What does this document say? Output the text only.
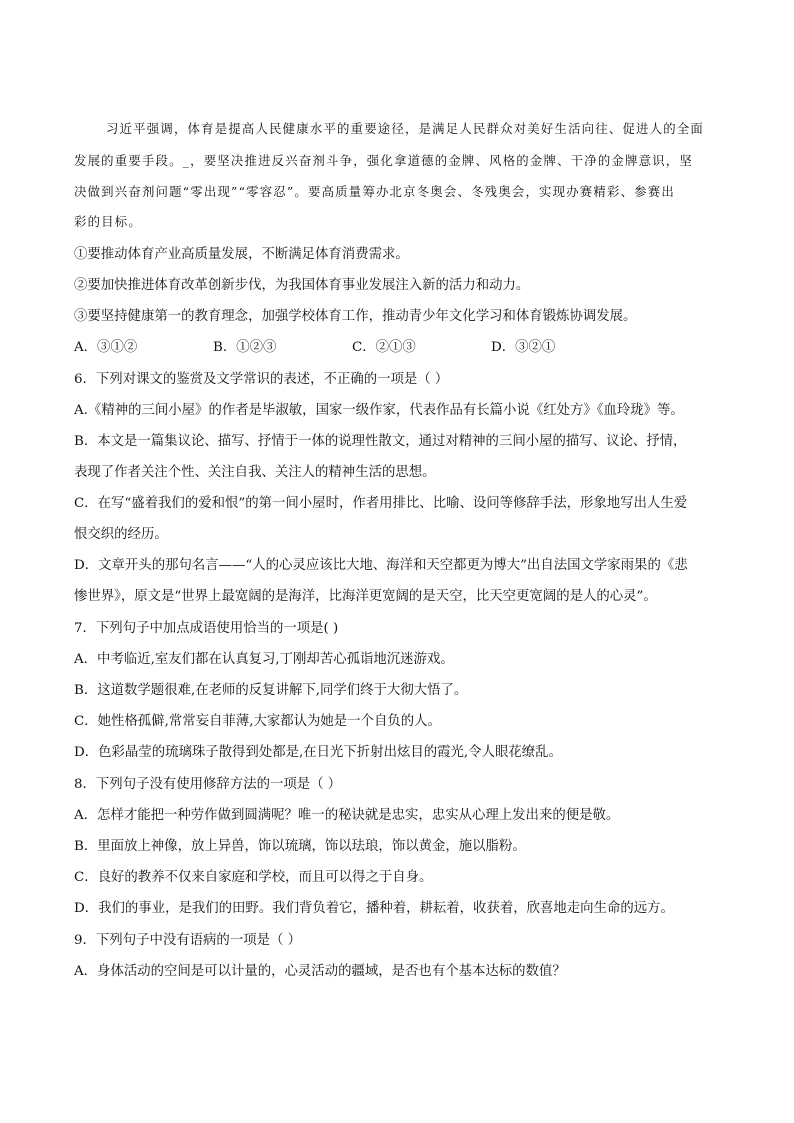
习近平强调，体育是提高人民健康水平的重要途径，是满足人民群众对美好生活向往、促进人的全面
发展的重要手段。_，要坚决推进反兴奋剂斗争，强化拿道德的金牌、风格的金牌、干净的金牌意识，坚
决做到兴奋剂问题“零出现”“零容忍”。要高质量筹办北京冬奥会、冬残奥会，实现办赛精彩、参赛出
彩的目标。
①要推动体育产业高质量发展，不断满足体育消费需求。
②要加快推进体育改革创新步伐，为我国体育事业发展注入新的活力和动力。
③要坚持健康第一的教育理念，加强学校体育工作，推动青少年文化学习和体育锻炼协调发展。
A．③①②	B．①②③	C．②①③	D．③②①
6．下列对课文的鉴赏及文学常识的表述，不正确的一项是（ ）
A.《精神的三间小屋》的作者是毕淑敏，国家一级作家，代表作品有长篇小说《红处方》《血玲珑》等。
B．本文是一篇集议论、描写、抒情于一体的说理性散文，通过对精神的三间小屋的描写、议论、抒情，
表现了作者关注个性、关注自我、关注人的精神生活的思想。
C．在写“盛着我们的爱和恨”的第一间小屋时，作者用排比、比喻、设问等修辞手法，形象地写出人生爱
恨交织的经历。
D．文章开头的那句名言——“人的心灵应该比大地、海洋和天空都更为博大”出自法国文学家雨果的《悲
惨世界》，原文是“世界上最宽阔的是海洋，比海洋更宽阔的是天空，比天空更宽阔的是人的心灵”。
7．下列句子中加点成语使用恰当的一项是( )
A．中考临近,室友们都在认真复习,丁刚却苦心孤诣地沉迷游戏。
B．这道数学题很难,在老师的反复讲解下,同学们终于大彻大悟了。
C．她性格孤僻,常常妄自菲薄,大家都认为她是一个自负的人。
D．色彩晶莹的琉璃珠子散得到处都是,在日光下折射出炫目的霞光,令人眼花缭乱。
8．下列句子没有使用修辞方法的一项是（ ）
A．怎样才能把一种劳作做到圆满呢？唯一的秘诀就是忠实，忠实从心理上发出来的便是敬。
B．里面放上神像，放上异兽，饰以琉璃，饰以珐琅，饰以黄金，施以脂粉。
C．良好的教养不仅来自家庭和学校，而且可以得之于自身。
D．我们的事业，是我们的田野。我们背负着它，播种着，耕耘着，收获着，欣喜地走向生命的远方。
9．下列句子中没有语病的一项是（ ）
A．身体活动的空间是可以计量的，心灵活动的疆域，是否也有个基本达标的数值？
